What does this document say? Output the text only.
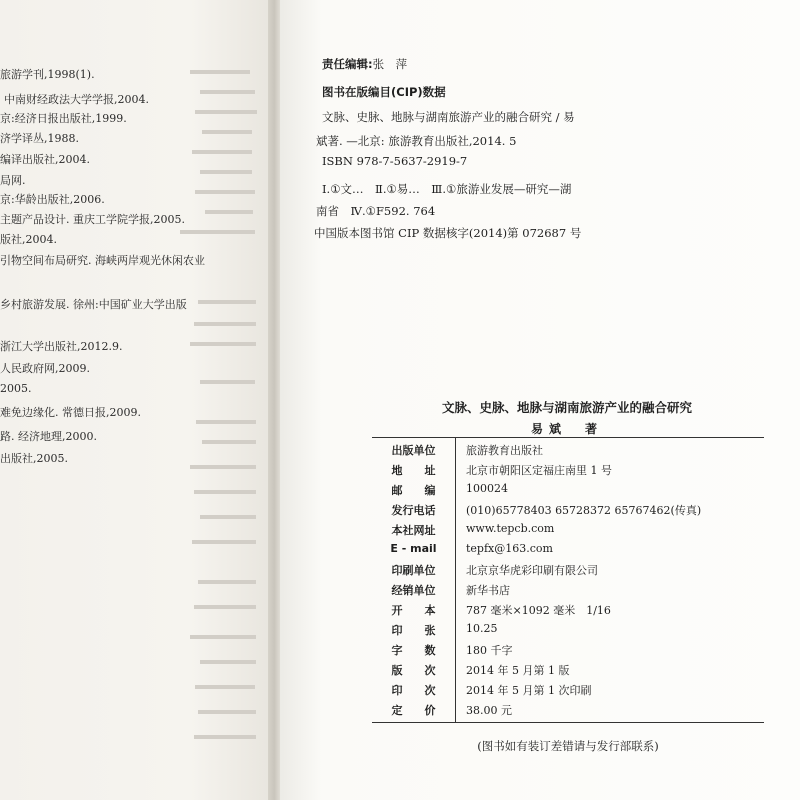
旅游学刊,1998(1).
中南财经政法大学学报,2004.
京:经济日报出版社,1999.
济学译丛,1988.
编译出版社,2004.
局网.
京:华龄出版社,2006.
主题产品设计. 重庆工学院学报,2005.
版社,2004.
引物空间布局研究. 海峡两岸观光休闲农业
乡村旅游发展. 徐州:中国矿业大学出版
浙江大学出版社,2012.9.
人民政府网,2009.
2005.
难免边缘化. 常德日报,2009.
路. 经济地理,2000.
出版社,2005.
责任编辑:张　萍
图书在版编目(CIP)数据
文脉、史脉、地脉与湖南旅游产业的融合研究 / 易
斌著. —北京: 旅游教育出版社,2014. 5
ISBN 978-7-5637-2919-7
Ⅰ.①文…　Ⅱ.①易…　Ⅲ.①旅游业发展—研究—湖
南省　Ⅳ.①F592. 764
中国版本图书馆 CIP 数据核字(2014)第 072687 号
文脉、史脉、地脉与湖南旅游产业的融合研究
易斌　著
出版单位	旅游教育出版社
地　　址	北京市朝阳区定福庄南里 1 号
邮　　编	100024
发行电话	(010)65778403 65728372 65767462(传真)
本社网址	www.tepcb.com
E - mail	tepfx@163.com
印刷单位	北京京华虎彩印刷有限公司
经销单位	新华书店
开　　本	787 毫米×1092 毫米　1/16
印　　张	10.25
字　　数	180 千字
版　　次	2014 年 5 月第 1 版
印　　次	2014 年 5 月第 1 次印刷
定　　价	38.00 元
(图书如有装订差错请与发行部联系)
